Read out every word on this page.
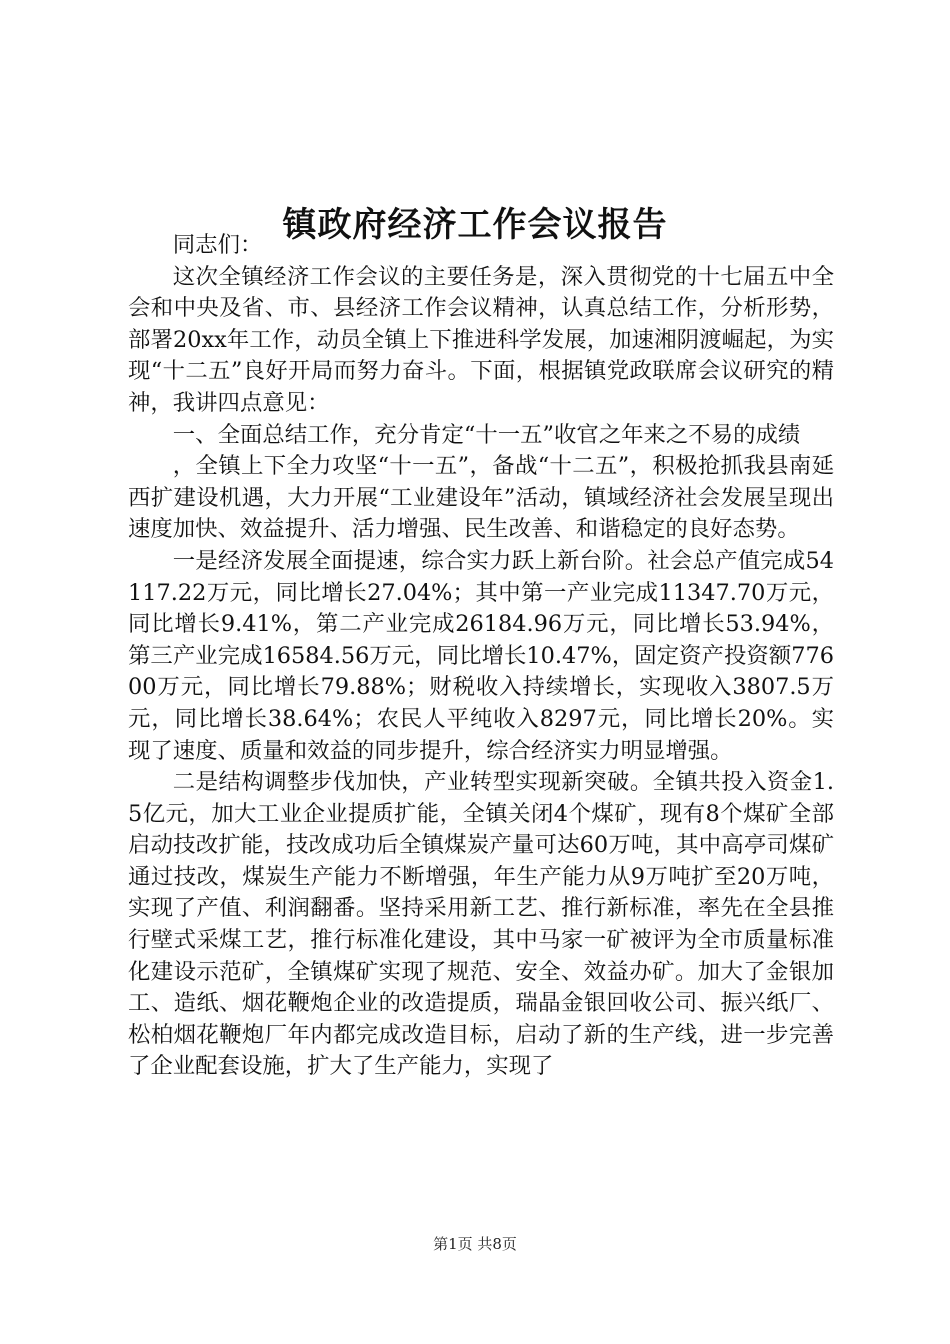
镇政府经济工作会议报告

同志们：

这次全镇经济工作会议的主要任务是，深入贯彻党的十七届五中全会和中央及省、市、县经济工作会议精神，认真总结工作，分析形势，部署20xx年工作，动员全镇上下推进科学发展，加速湘阴渡崛起，为实现“十二五”良好开局而努力奋斗。下面，根据镇党政联席会议研究的精神，我讲四点意见：

一、全面总结工作，充分肯定“十一五”收官之年来之不易的成绩

，全镇上下全力攻坚“十一五”，备战“十二五”，积极抢抓我县南延西扩建设机遇，大力开展“工业建设年”活动，镇域经济社会发展呈现出速度加快、效益提升、活力增强、民生改善、和谐稳定的良好态势。

一是经济发展全面提速，综合实力跃上新台阶。社会总产值完成54117.22万元，同比增长27.04%；其中第一产业完成11347.70万元，同比增长9.41%，第二产业完成26184.96万元，同比增长53.94%，第三产业完成16584.56万元，同比增长10.47%，固定资产投资额77600万元，同比增长79.88%；财税收入持续增长，实现收入3807.5万元，同比增长38.64%；农民人平纯收入8297元，同比增长20%。实现了速度、质量和效益的同步提升，综合经济实力明显增强。

二是结构调整步伐加快，产业转型实现新突破。全镇共投入资金1.5亿元，加大工业企业提质扩能，全镇关闭4个煤矿，现有8个煤矿全部启动技改扩能，技改成功后全镇煤炭产量可达60万吨，其中高亭司煤矿通过技改，煤炭生产能力不断增强，年生产能力从9万吨扩至20万吨，实现了产值、利润翻番。坚持采用新工艺、推行新标准，率先在全县推行壁式采煤工艺，推行标准化建设，其中马家一矿被评为全市质量标准化建设示范矿，全镇煤矿实现了规范、安全、效益办矿。加大了金银加工、造纸、烟花鞭炮企业的改造提质，瑞晶金银回收公司、振兴纸厂、松柏烟花鞭炮厂年内都完成改造目标，启动了新的生产线，进一步完善了企业配套设施，扩大了生产能力，实现了

第1页 共8页
